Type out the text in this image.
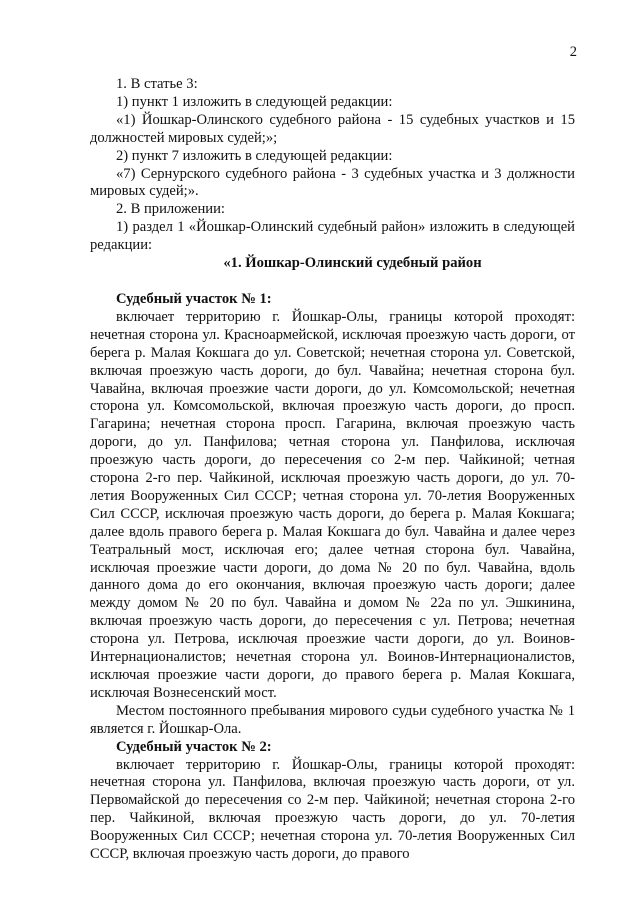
2

1. В статье 3:

1) пункт 1 изложить в следующей редакции:

«1) Йошкар-Олинского судебного района - 15 судебных участков и 15 должностей мировых судей;»;

2) пункт 7 изложить в следующей редакции:

«7) Сернурского судебного района - 3 судебных участка и 3 должности мировых судей;».

2. В приложении:

1) раздел 1 «Йошкар-Олинский судебный район» изложить в следующей редакции:

«1. Йошкар-Олинский судебный район

Судебный участок № 1:

включает территорию г. Йошкар-Олы, границы которой проходят: нечетная сторона ул. Красноармейской, исключая проезжую часть дороги, от берега р. Малая Кокшага до ул. Советской; нечетная сторона ул. Советской, включая проезжую часть дороги, до бул. Чавайна; нечетная сторона бул. Чавайна, включая проезжие части дороги, до ул. Комсомольской; нечетная сторона ул. Комсомольской, включая проезжую часть дороги, до просп. Гагарина; нечетная сторона просп. Гагарина, включая проезжую часть дороги, до ул. Панфилова; четная сторона ул. Панфилова, исключая проезжую часть дороги, до пересечения со 2-м пер. Чайкиной; четная сторона 2-го пер. Чайкиной, исключая проезжую часть дороги, до ул. 70-летия Вооруженных Сил СССР; четная сторона ул. 70-летия Вооруженных Сил СССР, исключая проезжую часть дороги, до берега р. Малая Кокшага; далее вдоль правого берега р. Малая Кокшага до бул. Чавайна и далее через Театральный мост, исключая его; далее четная сторона бул. Чавайна, исключая проезжие части дороги, до дома № 20 по бул. Чавайна, вдоль данного дома до его окончания, включая проезжую часть дороги; далее между домом № 20 по бул. Чавайна и домом № 22а по ул. Эшкинина, включая проезжую часть дороги, до пересечения с ул. Петрова; нечетная сторона ул. Петрова, исключая проезжие части дороги, до ул. Воинов-Интернационалистов; нечетная сторона ул. Воинов-Интернационалистов, исключая проезжие части дороги, до правого берега р. Малая Кокшага, исключая Вознесенский мост.

Местом постоянного пребывания мирового судьи судебного участка № 1 является г. Йошкар-Ола.

Судебный участок № 2:

включает территорию г. Йошкар-Олы, границы которой проходят: нечетная сторона ул. Панфилова, включая проезжую часть дороги, от ул. Первомайской до пересечения со 2-м пер. Чайкиной; нечетная сторона 2-го пер. Чайкиной, включая проезжую часть дороги, до ул. 70-летия Вооруженных Сил СССР; нечетная сторона ул. 70-летия Вооруженных Сил СССР, включая проезжую часть дороги, до правого
